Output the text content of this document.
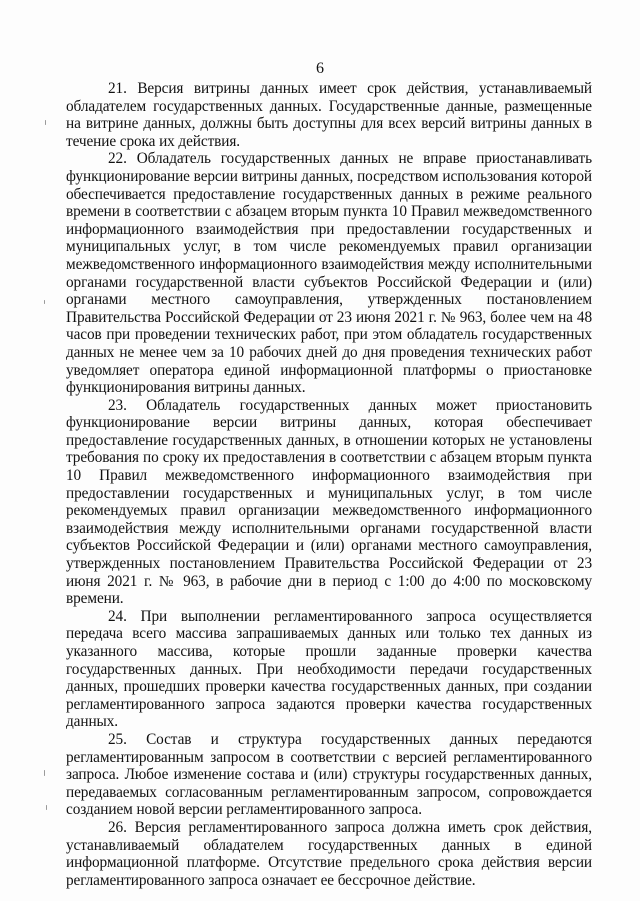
6

21. Версия витрины данных имеет срок действия, устанавливаемый обладателем государственных данных. Государственные данные, размещенные на витрине данных, должны быть доступны для всех версий витрины данных в течение срока их действия.

22. Обладатель государственных данных не вправе приостанавливать функционирование версии витрины данных, посредством использования которой обеспечивается предоставление государственных данных в режиме реального времени в соответствии с абзацем вторым пункта 10 Правил межведомственного информационного взаимодействия при предоставлении государственных и муниципальных услуг, в том числе рекомендуемых правил организации межведомственного информационного взаимодействия между исполнительными органами государственной власти субъектов Российской Федерации и (или) органами местного самоуправления, утвержденных постановлением Правительства Российской Федерации от 23 июня 2021 г. № 963, более чем на 48 часов при проведении технических работ, при этом обладатель государственных данных не менее чем за 10 рабочих дней до дня проведения технических работ уведомляет оператора единой информационной платформы о приостановке функционирования витрины данных.

23. Обладатель государственных данных может приостановить функционирование версии витрины данных, которая обеспечивает предоставление государственных данных, в отношении которых не установлены требования по сроку их предоставления в соответствии с абзацем вторым пункта 10 Правил межведомственного информационного взаимодействия при предоставлении государственных и муниципальных услуг, в том числе рекомендуемых правил организации межведомственного информационного взаимодействия между исполнительными органами государственной власти субъектов Российской Федерации и (или) органами местного самоуправления, утвержденных постановлением Правительства Российской Федерации от 23 июня 2021 г. № 963, в рабочие дни в период с 1:00 до 4:00 по московскому времени.

24. При выполнении регламентированного запроса осуществляется передача всего массива запрашиваемых данных или только тех данных из указанного массива, которые прошли заданные проверки качества государственных данных. При необходимости передачи государственных данных, прошедших проверки качества государственных данных, при создании регламентированного запроса задаются проверки качества государственных данных.

25. Состав и структура государственных данных передаются регламентированным запросом в соответствии с версией регламентированного запроса. Любое изменение состава и (или) структуры государственных данных, передаваемых согласованным регламентированным запросом, сопровождается созданием новой версии регламентированного запроса.

26. Версия регламентированного запроса должна иметь срок действия, устанавливаемый обладателем государственных данных в единой информационной платформе. Отсутствие предельного срока действия версии регламентированного запроса означает ее бессрочное действие.
